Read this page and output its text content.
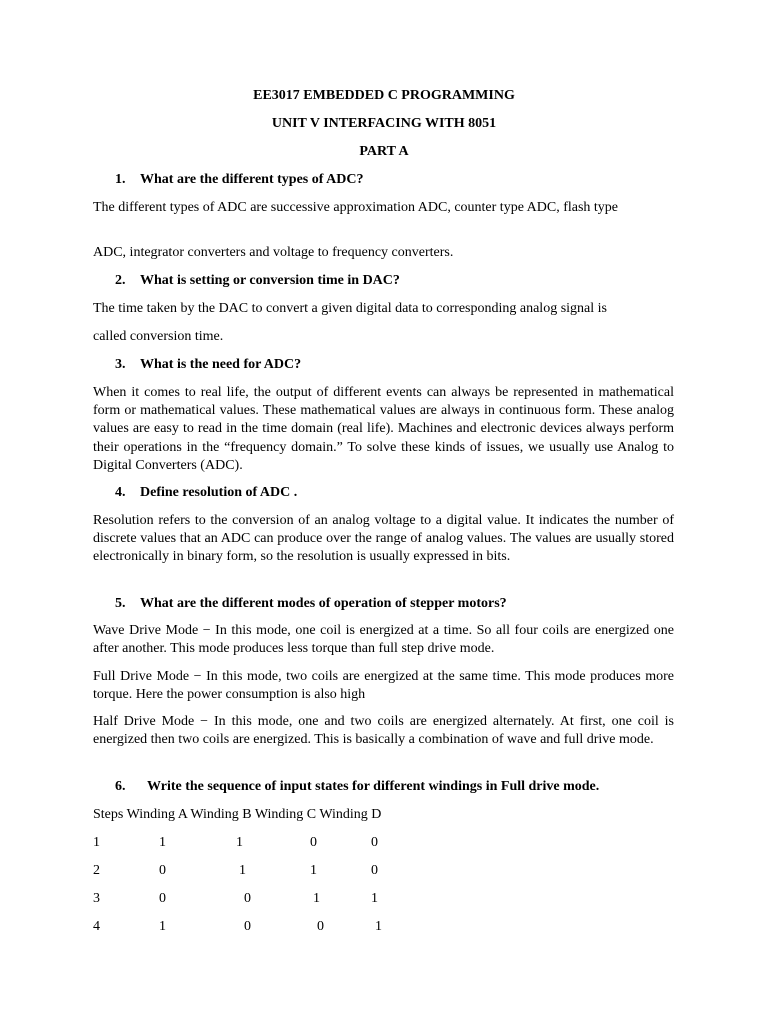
EE3017 EMBEDDED C PROGRAMMING
UNIT V INTERFACING WITH 8051
PART A
1. What are the different types of ADC?
The different types of ADC are successive approximation ADC, counter type ADC, flash type
ADC, integrator converters and voltage to frequency converters.
2. What is setting or conversion time in DAC?
The time taken by the DAC to convert a given digital data to corresponding analog signal is
called conversion time.
3. What is the need for ADC?
When it comes to real life, the output of different events can always be represented in mathematical form or mathematical values. These mathematical values are always in continuous form. These analog values are easy to read in the time domain (real life). Machines and electronic devices always perform their operations in the “frequency domain.” To solve these kinds of issues, we usually use Analog to Digital Converters (ADC).
4. Define resolution of ADC .
Resolution refers to the conversion of an analog voltage to a digital value. It indicates the number of discrete values that an ADC can produce over the range of analog values. The values are usually stored electronically in binary form, so the resolution is usually expressed in bits.
5. What are the different modes of operation of stepper motors?
Wave Drive Mode − In this mode, one coil is energized at a time. So all four coils are energized one after another. This mode produces less torque than full step drive mode.
Full Drive Mode − In this mode, two coils are energized at the same time. This mode produces more torque. Here the power consumption is also high
Half Drive Mode − In this mode, one and two coils are energized alternately. At first, one coil is energized then two coils are energized. This is basically a combination of wave and full drive mode.
6. Write the sequence of input states for different windings in Full drive mode.
Steps Winding A Winding B Winding C Winding D
1	1	1	0	0
2	0	1	1	0
3	0	0	1	1
4	1	0	0	1
